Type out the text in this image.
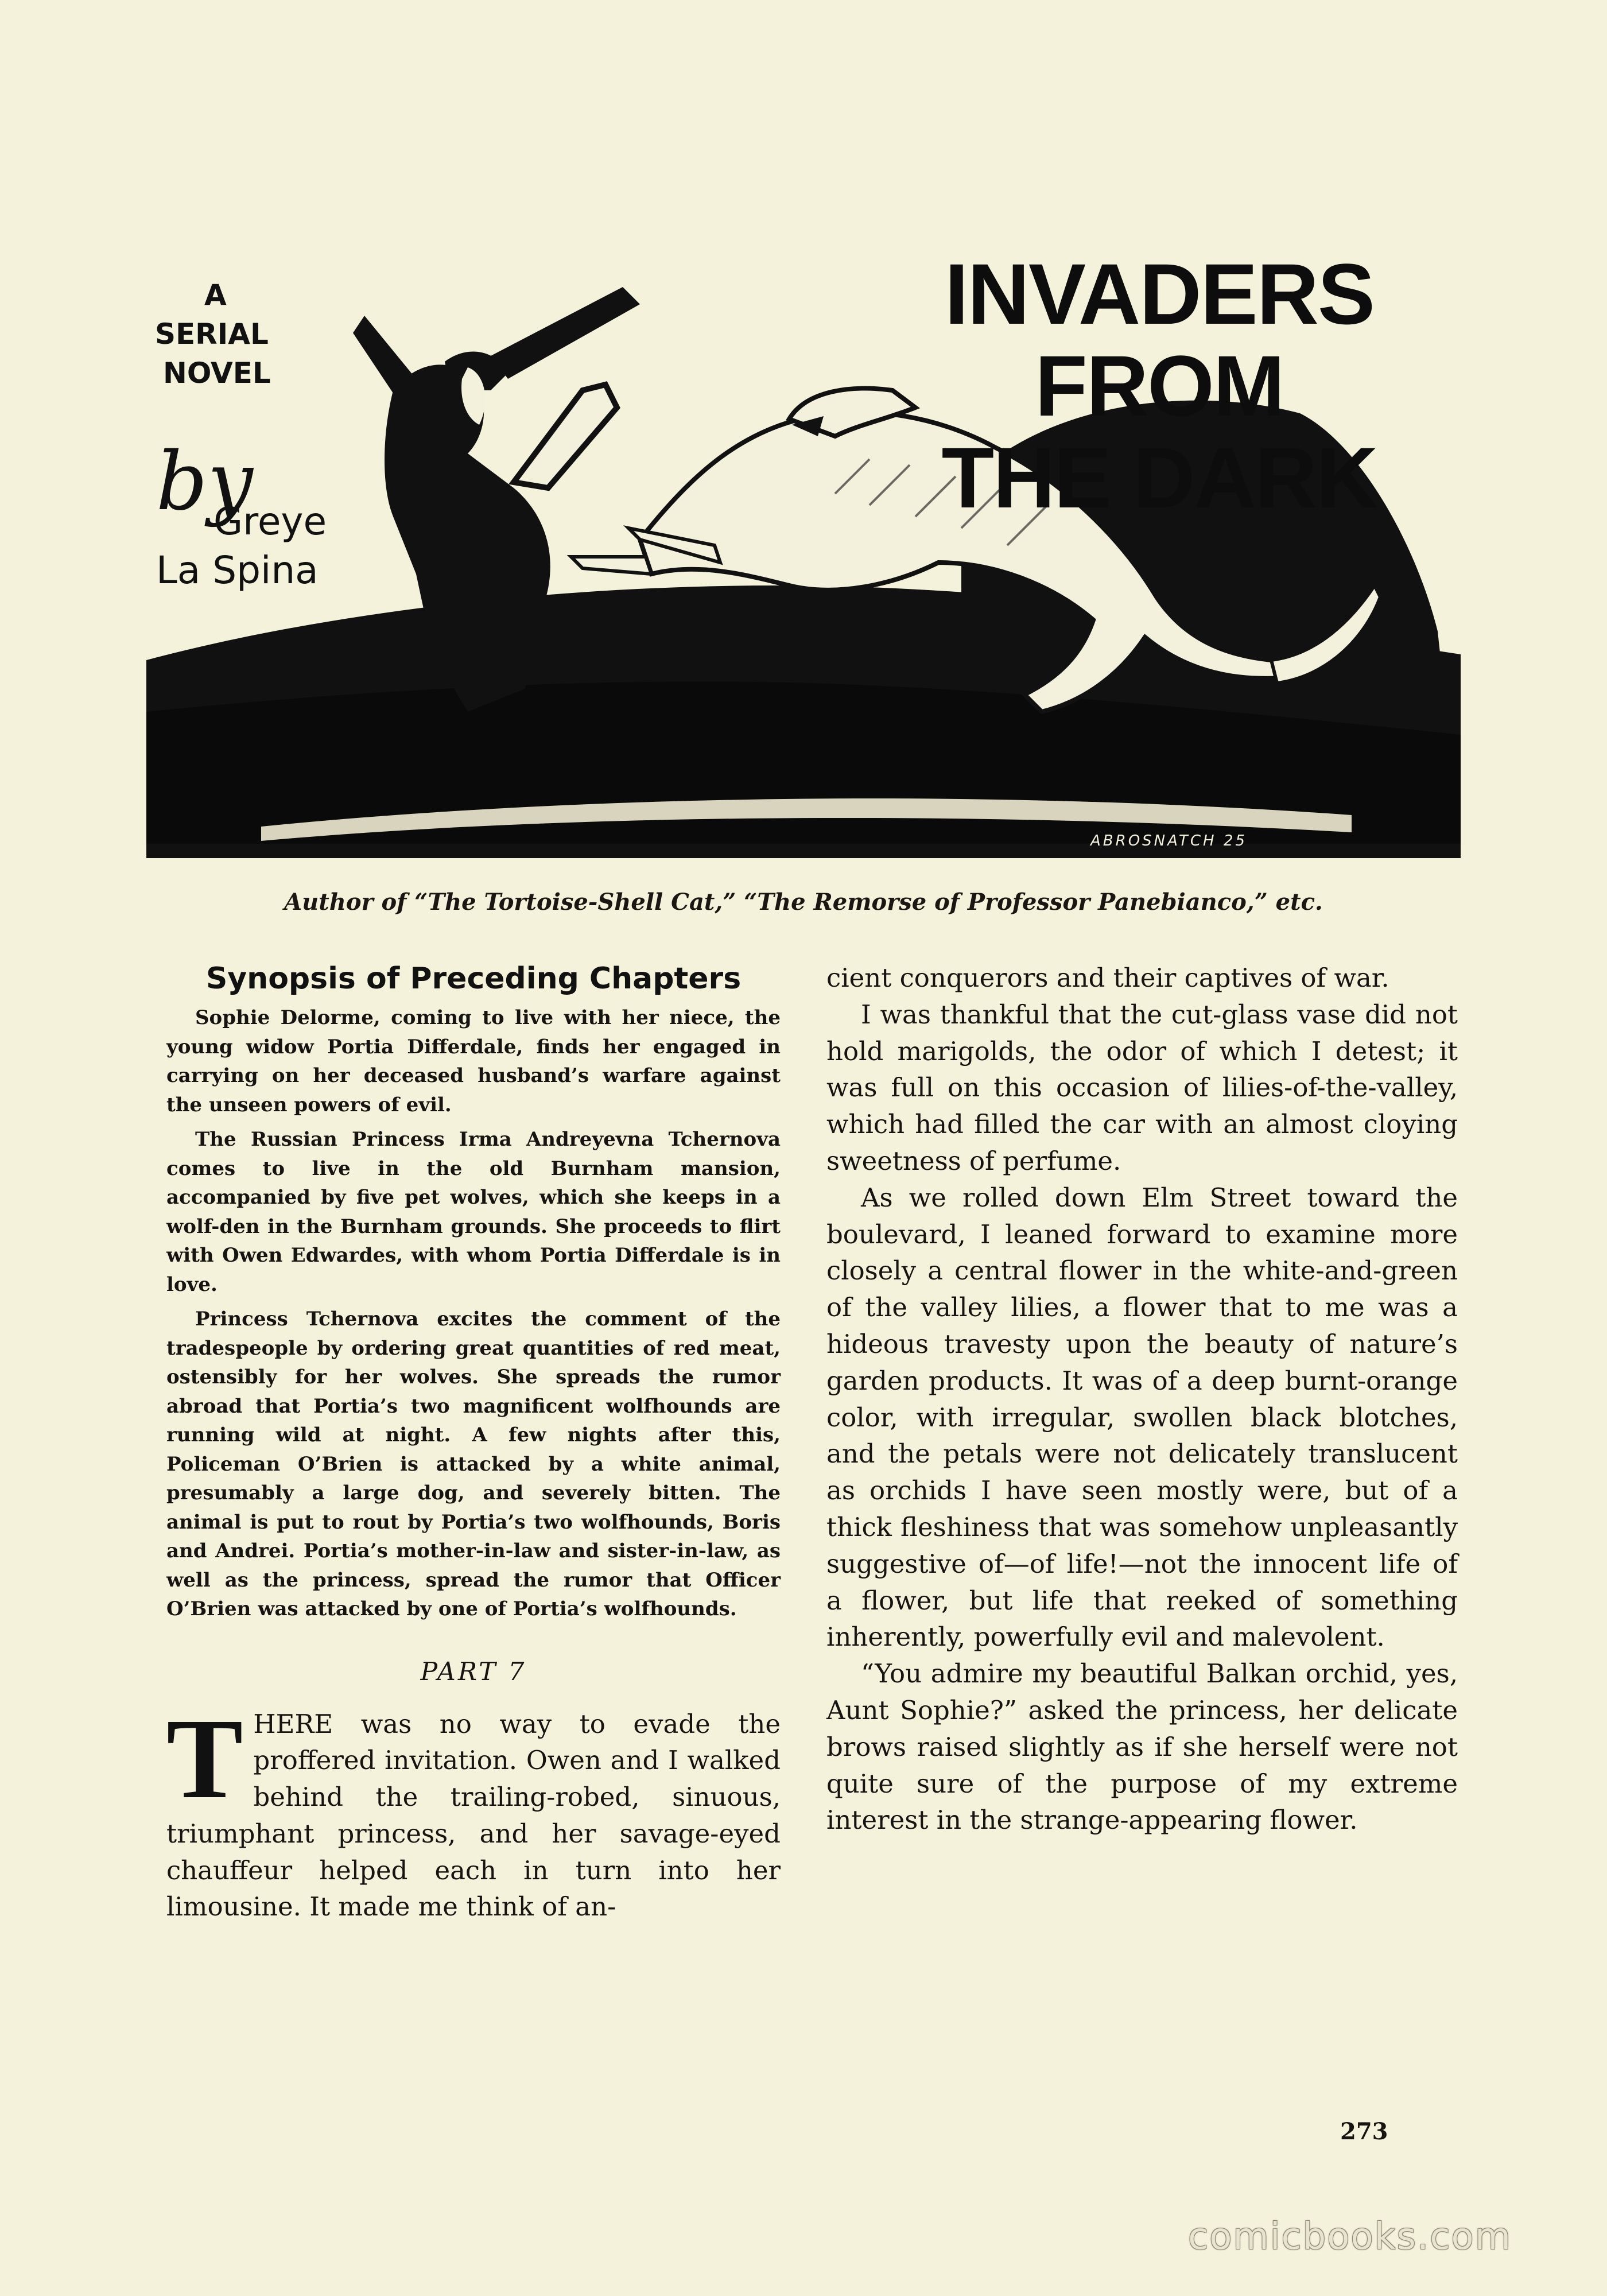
A
SERIAL
NOVEL
by
Greye
La Spina
INVADERS FROM
THE DARK
ABROSNATCH 25
Author of “The Tortoise-Shell Cat,” “The Remorse of Professor Panebianco,” etc.
Synopsis of Preceding Chapters

Sophie Delorme, coming to live with her niece, the young widow Portia Differdale, finds her engaged in carrying on her deceased husband’s warfare against the unseen powers of evil.

The Russian Princess Irma Andreyevna Tchernova comes to live in the old Burnham mansion, accompanied by five pet wolves, which she keeps in a wolf-den in the Burnham grounds. She proceeds to flirt with Owen Edwardes, with whom Portia Differdale is in love.

Princess Tchernova excites the comment of the tradespeople by ordering great quantities of red meat, ostensibly for her wolves. She spreads the rumor abroad that Portia’s two magnificent wolfhounds are running wild at night. A few nights after this, Policeman O’Brien is attacked by a white animal, presumably a large dog, and severely bitten. The animal is put to rout by Portia’s two wolfhounds, Boris and Andrei. Portia’s mother-in-law and sister-in-law, as well as the princess, spread the rumor that Officer O’Brien was attacked by one of Portia’s wolfhounds.

PART 7
T HERE was no way to evade the proffered invitation. Owen and I walked behind the trailing-robed, sinuous, triumphant princess, and her savage-eyed chauffeur helped each in turn into her limousine. It made me think of an-

cient conquerors and their captives of war.

I was thankful that the cut-glass vase did not hold marigolds, the odor of which I detest; it was full on this occasion of lilies-of-the-valley, which had filled the car with an almost cloying sweetness of perfume.

As we rolled down Elm Street toward the boulevard, I leaned forward to examine more closely a central flower in the white-and-green of the valley lilies, a flower that to me was a hideous travesty upon the beauty of nature’s garden products. It was of a deep burnt-orange color, with irregular, swollen black blotches, and the petals were not delicately translucent as orchids I have seen mostly were, but of a thick fleshiness that was somehow unpleasantly suggestive of—of life!—not the innocent life of a flower, but life that reeked of something inherently, powerfully evil and malevolent.

“You admire my beautiful Balkan orchid, yes, Aunt Sophie?” asked the princess, her delicate brows raised slightly as if she herself were not quite sure of the purpose of my extreme interest in the strange-appearing flower.

273
comicbooks.com
